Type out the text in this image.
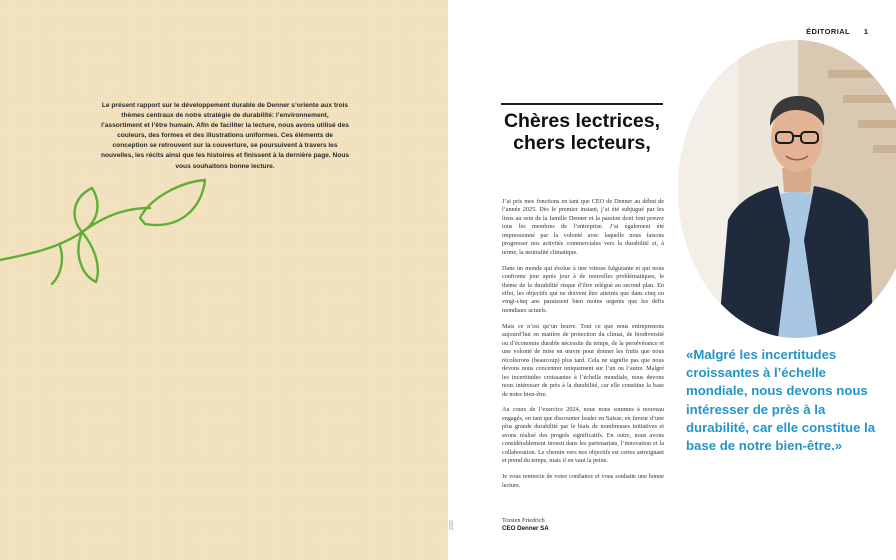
Le présent rapport sur le développement durable de Denner s’oriente aux trois thèmes centraux de notre stratégie de durabilité: l’environnement, l’assortiment et l’être humain. Afin de faciliter la lecture, nous avons utilisé des couleurs, des formes et des illustrations uniformes. Ces éléments de conception se retrouvent sur la couverture, se poursuivent à travers les nouvelles, les récits ainsi que les histoires et finissent à la dernière page. Nous vous souhaitons bonne lecture.

ÉDITORIAL 1
Chères lectrices, chers lecteurs,

J’ai pris mes fonctions en tant que CEO de Denner au début de l’année 2025. Dès le premier instant, j’ai été subjugué par les liens au sein de la famille Denner et la passion dont font preuve tous les membres de l’entreprise. J’ai également été impressionné par la volonté avec laquelle nous faisons progresser nos activités commerciales vers la durabilité et, à terme, la neutralité climatique.

Dans un monde qui évolue à une vitesse fulgurante et qui nous confronte jour après jour à de nouvelles problématiques, le thème de la durabilité risque d’être relégué au second plan. En effet, les objectifs qui ne doivent être atteints que dans cinq ou vingt-cinq ans paraissent bien moins urgents que les défis mondiaux actuels.

Mais ce n’est qu’un leurre. Tout ce que nous entreprenons aujourd’hui en matière de protection du climat, de biodiversité ou d’économie durable nécessite du temps, de la persévérance et une volonté de mise en œuvre pour donner les fruits que nous récolterons (beaucoup) plus tard. Cela ne signifie pas que nous devons nous concentrer uniquement sur l’un ou l’autre. Malgré les incertitudes croissantes à l’échelle mondiale, nous devons nous intéresser de près à la durabilité, car elle constitue la base de notre bien-être.

Au cours de l’exercice 2024, nous nous sommes à nouveau engagés, en tant que discounter leader en Suisse, en faveur d’une plus grande durabilité par le biais de nombreuses initiatives et avons réalisé des progrès significatifs. En outre, nous avons considérablement investi dans les partenariats, l’innovation et la collaboration. Le chemin vers nos objectifs est certes astreignant et prend du temps, mais il en vaut la peine.

Je vous remercie de votre confiance et vous souhaite une bonne lecture.

Torsten Friedrich
CEO Denner SA
2/22

«Malgré les incertitudes croissantes à l’échelle mondiale, nous devons nous intéresser de près à la durabilité, car elle constitue la base de notre bien-être.»
